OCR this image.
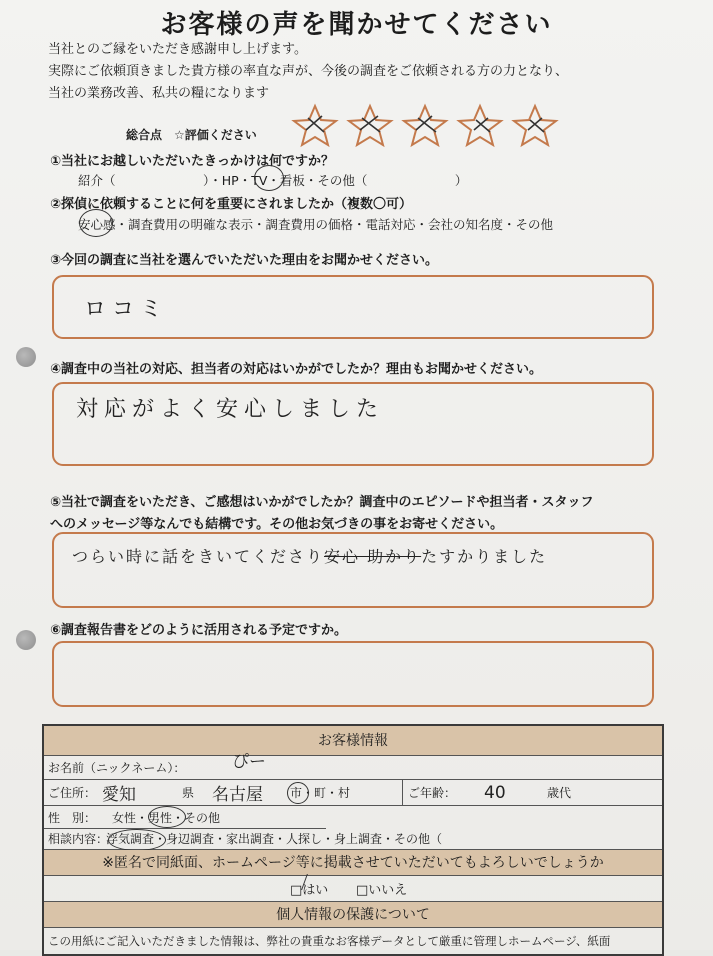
お客様の声を聞かせてください
当社とのご縁をいただき感謝申し上げます。
実際にご依頼頂きました貴方様の率直な声が、今後の調査をご依頼される方の力となり、
当社の業務改善、私共の糧になります
総合点　☆評価ください
①当社にお越しいただいたきっかけは何ですか？
紹介（　　　　　　　）・HP・TV・看板・その他（　　　　　　　）
②探偵に依頼することに何を重要にされましたか（複数〇可）
安心感・調査費用の明確な表示・調査費用の価格・電話対応・会社の知名度・その他
③今回の調査に当社を選んでいただいた理由をお聞かせください。
ロコミ
④調査中の当社の対応、担当者の対応はいかがでしたか？理由もお聞かせください。
対応がよく安心しました
⑤当社で調査をいただき、ご感想はいかがでしたか？調査中のエピソードや担当者・スタッフ
へのメッセージ等なんでも結構です。その他お気づきの事をお寄せください。
つらい時に話をきいてくださり安心 助かりたすかりました
⑥調査報告書をどのように活用される予定ですか。
お客様情報
お名前（ニックネーム）：	ぴー
ご住所： 愛知	県 名古屋 市・町・村	ご年齢： 40	歳代
性　別： 女性・男性・その他
相談内容：
浮気調査・身辺調査・家出調査・人探し・身上調査・その他（
※匿名で同紙面、ホームページ等に掲載させていただいてもよろしいでしょうか
□はい □いいえ
個人情報の保護について
この用紙にご記入いただきました情報は、弊社の貴重なお客様データとして厳重に管理しホームページ、紙面
